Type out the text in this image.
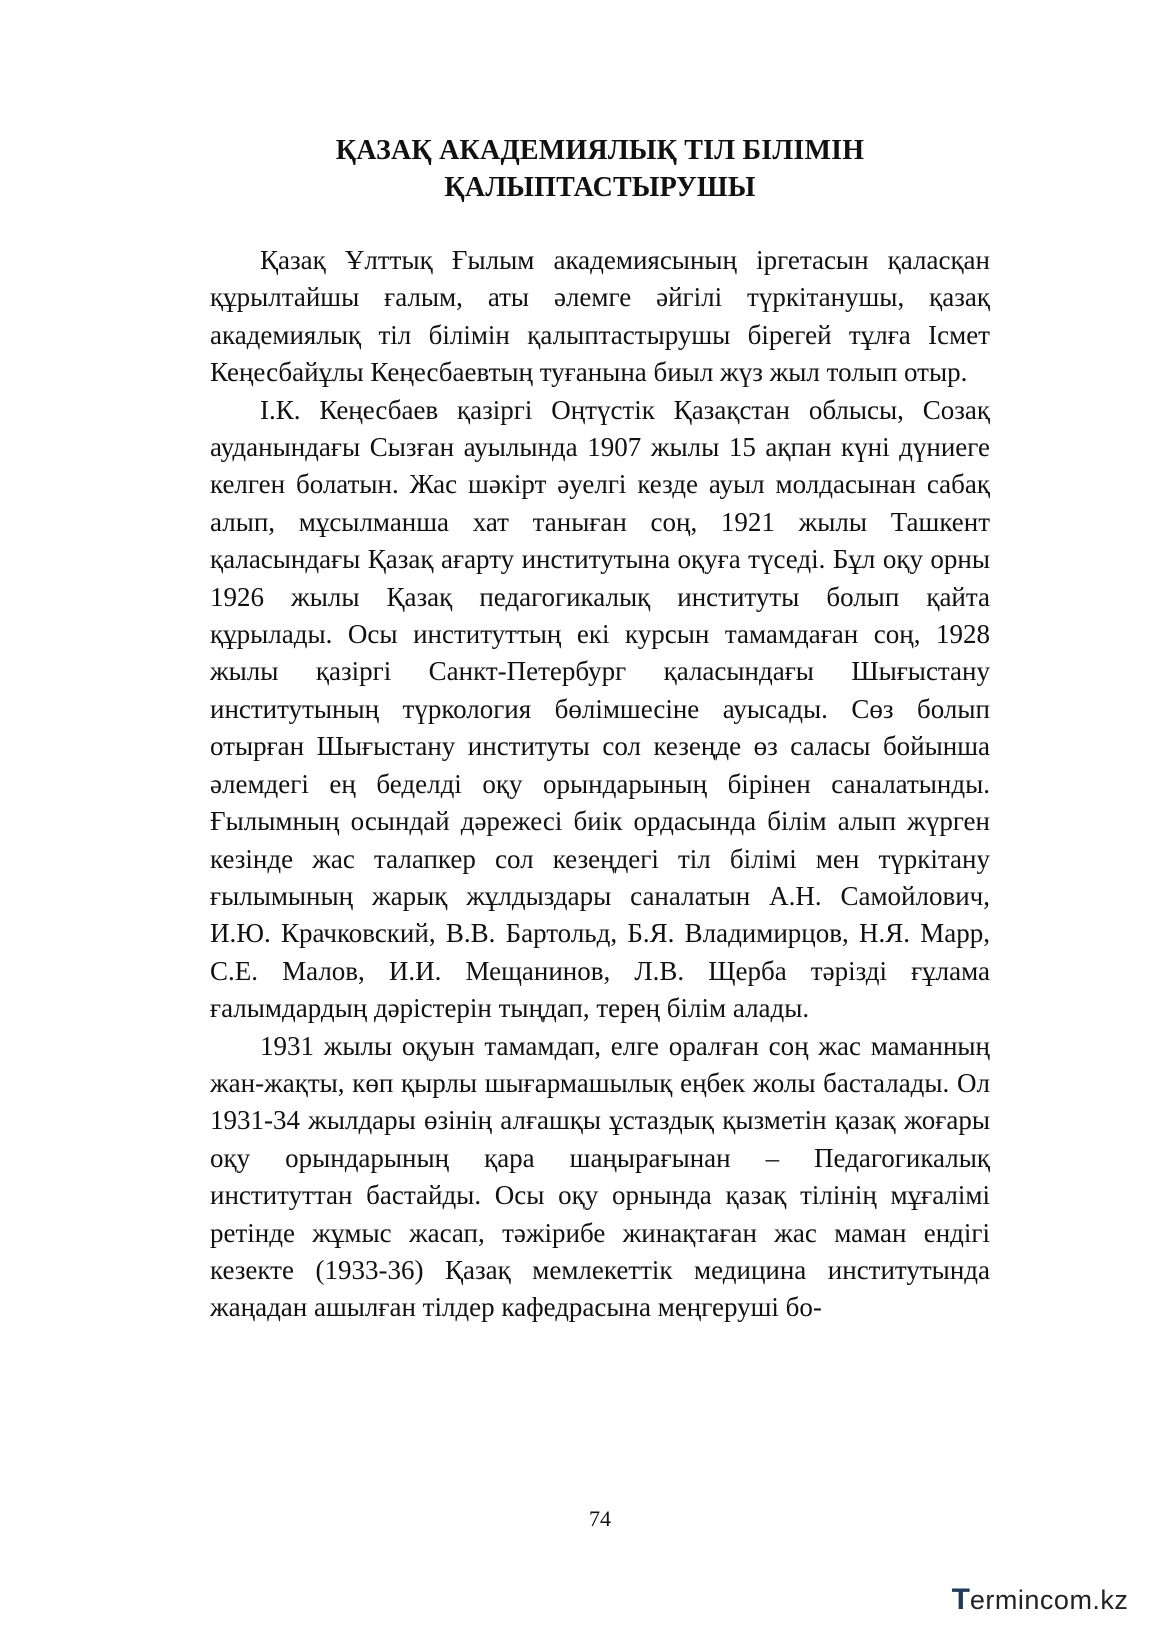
ҚАЗАҚ АКАДЕМИЯЛЫҚ ТІЛ БІЛІМІН
ҚАЛЫПТАСТЫРУШЫ

Қазақ Ұлттық Ғылым академиясының іргетасын қаласқан құрылтайшы ғалым, аты әлемге әйгілі түркітанушы, қазақ академиялық тіл білімін қалыптастырушы бірегей тұлға Ісмет Кеңесбайұлы Кеңесбаевтың туғанына биыл жүз жыл толып отыр.

І.К. Кеңесбаев қазіргі Оңтүстік Қазақстан облысы, Созақ ауданындағы Сызған ауылында 1907 жылы 15 ақпан күні дүниеге келген болатын. Жас шәкірт әуелгі кезде ауыл молдасынан сабақ алып, мұсылманша хат таныған соң, 1921 жылы Ташкент қаласындағы Қазақ ағарту институтына оқуға түседі. Бұл оқу орны 1926 жылы Қазақ педагогикалық институты болып қайта құрылады. Осы институттың екі курсын тамамдаған соң, 1928 жылы қазіргі Санкт-Петербург қаласындағы Шығыстану институтының түркология бөлімшесіне ауысады. Сөз болып отырған Шығыстану институты сол кезеңде өз саласы бойынша әлемдегі ең беделді оқу орындарының бірінен саналатынды. Ғылымның осындай дәрежесі биік ордасында білім алып жүрген кезінде жас талапкер сол кезеңдегі тіл білімі мен түркітану ғылымының жарық жұлдыздары саналатын А.Н. Самойлович, И.Ю. Крачковский, В.В. Бартольд, Б.Я. Владимирцов, Н.Я. Марр, С.Е. Малов, И.И. Мещанинов, Л.В. Щерба тәрізді ғұлама ғалымдардың дәрістерін тыңдап, терең білім алады.

1931 жылы оқуын тамамдап, елге оралған соң жас маманның жан-жақты, көп қырлы шығармашылық еңбек жолы басталады. Ол 1931-34 жылдары өзінің алғашқы ұстаздық қызметін қазақ жоғары оқу орындарының қара шаңырағынан – Педагогикалық институттан бастайды. Осы оқу орнында қазақ тілінің мұғалімі ретінде жұмыс жасап, тәжірибе жинақтаған жас маман ендігі кезекте (1933-36) Қазақ мемлекеттік медицина институтында жаңадан ашылған тілдер кафедрасына меңгеруші бо-

74
T erminc o m.kz
